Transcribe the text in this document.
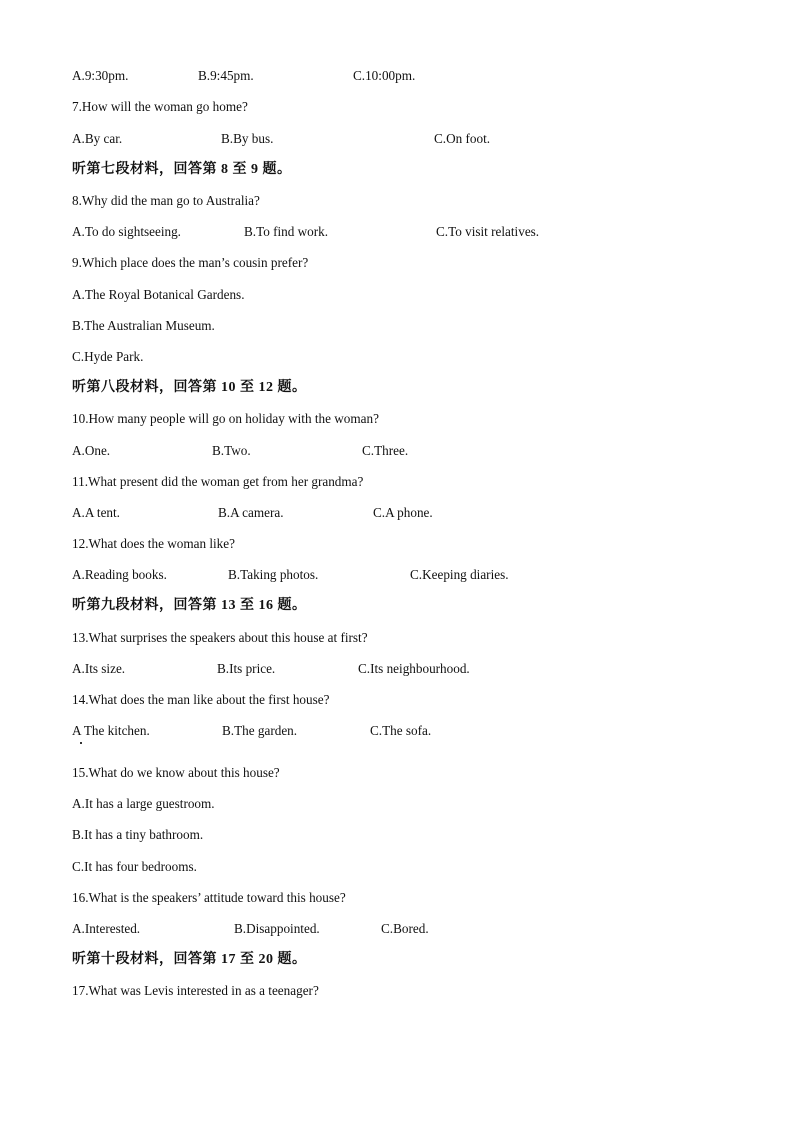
A.9:30pm.	B.9:45pm.	C.10:00pm.
7.How will the woman go home?
A.By car.	B.By bus.	C.On foot.
听第七段材料，回答第 8 至 9 题。
8.Why did the man go to Australia?
A.To do sightseeing.	B.To find work.	C.To visit relatives.
9.Which place does the man’s cousin prefer?
A.The Royal Botanical Gardens.
B.The Australian Museum.
C.Hyde Park.
听第八段材料，回答第 10 至 12 题。
10.How many people will go on holiday with the woman?
A.One.	B.Two.	C.Three.
11.What present did the woman get from her grandma?
A.A tent.	B.A camera.	C.A phone.
12.What does the woman like?
A.Reading books.	B.Taking photos.	C.Keeping diaries.
听第九段材料，回答第 13 至 16 题。
13.What surprises the speakers about this house at first?
A.Its size.	B.Its price.	C.Its neighbourhood.
14.What does the man like about the first house?
A The kitchen.	B.The garden.	C.The sofa.
15.What do we know about this house?
A.It has a large guestroom.
B.It has a tiny bathroom.
C.It has four bedrooms.
16.What is the speakers’ attitude toward this house?
A.Interested.	B.Disappointed.	C.Bored.
听第十段材料，回答第 17 至 20 题。
17.What was Levis interested in as a teenager?
